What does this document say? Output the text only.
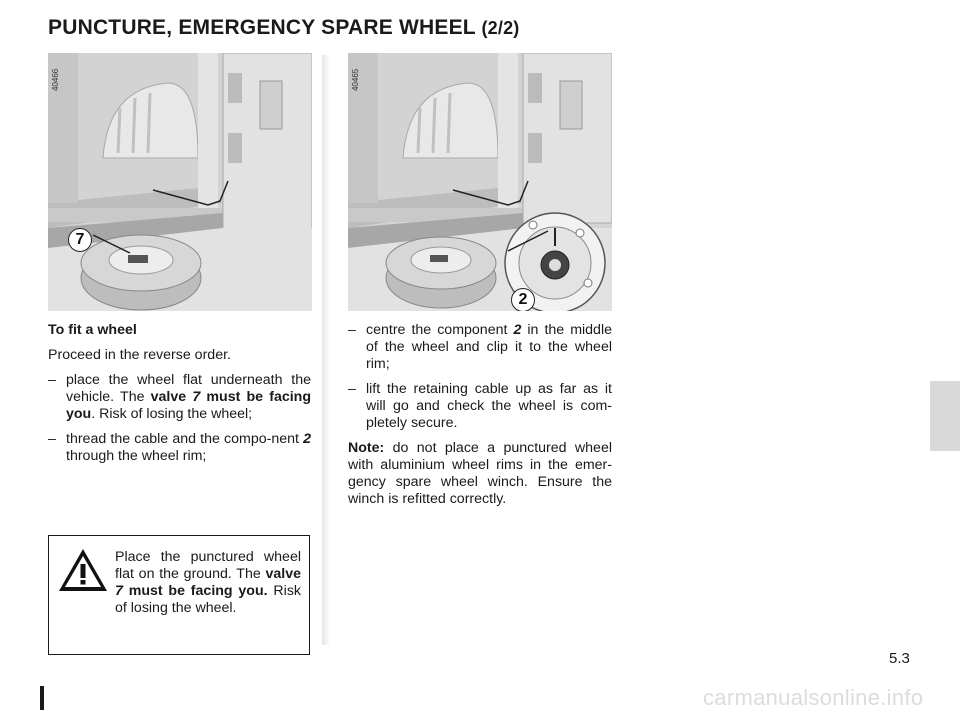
PUNCTURE, EMERGENCY SPARE WHEEL (2/2)
40466
7
40465
2

To fit a wheel

Proceed in the reverse order.

– place the wheel flat underneath the vehicle. The valve 7 must be facing you. Risk of losing the wheel;
– thread the cable and the compo-nent 2 through the wheel rim;
– centre the component 2 in the middle of the wheel and clip it to the wheel rim;
– lift the retaining cable up as far as it will go and check the wheel is com-pletely secure.

Note: do not place a punctured wheel with aluminium wheel rims in the emer-gency spare wheel winch. Ensure the winch is refitted correctly.

Place the punctured wheel flat on the ground. The valve 7 must be facing you. Risk of losing the wheel.
5.3
carmanualsonline.info
